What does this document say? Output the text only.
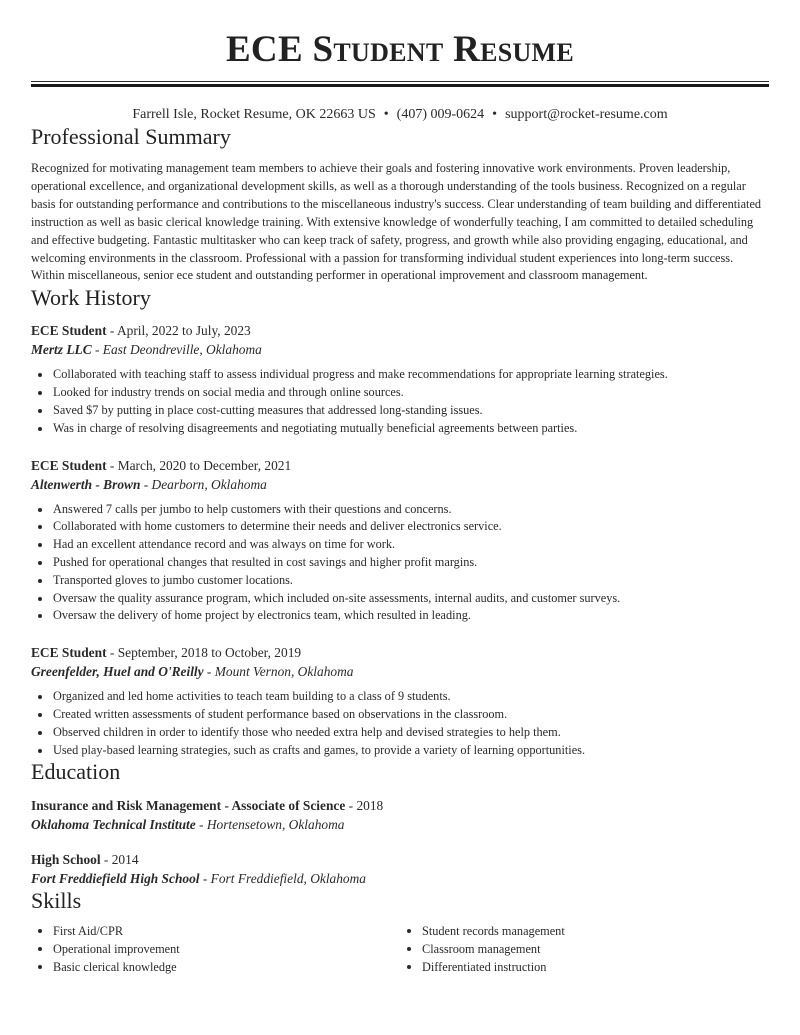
ECE Student Resume
Farrell Isle, Rocket Resume, OK 22663 US • (407) 009-0624 • support@rocket-resume.com
Professional Summary

Recognized for motivating management team members to achieve their goals and fostering innovative work environments. Proven leadership, operational excellence, and organizational development skills, as well as a thorough understanding of the tools business. Recognized on a regular basis for outstanding performance and contributions to the miscellaneous industry's success. Clear understanding of team building and differentiated instruction as well as basic clerical knowledge training. With extensive knowledge of wonderfully teaching, I am committed to detailed scheduling and effective budgeting. Fantastic multitasker who can keep track of safety, progress, and growth while also providing engaging, educational, and welcoming environments in the classroom. Professional with a passion for transforming individual student experiences into long-term success. Within miscellaneous, senior ece student and outstanding performer in operational improvement and classroom management.

Work History
ECE Student - April, 2022 to July, 2023
Mertz LLC - East Deondreville, Oklahoma
Collaborated with teaching staff to assess individual progress and make recommendations for appropriate learning strategies.
Looked for industry trends on social media and through online sources.
Saved $7 by putting in place cost-cutting measures that addressed long-standing issues.
Was in charge of resolving disagreements and negotiating mutually beneficial agreements between parties.
ECE Student - March, 2020 to December, 2021
Altenwerth - Brown - Dearborn, Oklahoma
Answered 7 calls per jumbo to help customers with their questions and concerns.
Collaborated with home customers to determine their needs and deliver electronics service.
Had an excellent attendance record and was always on time for work.
Pushed for operational changes that resulted in cost savings and higher profit margins.
Transported gloves to jumbo customer locations.
Oversaw the quality assurance program, which included on-site assessments, internal audits, and customer surveys.
Oversaw the delivery of home project by electronics team, which resulted in leading.
ECE Student - September, 2018 to October, 2019
Greenfelder, Huel and O'Reilly - Mount Vernon, Oklahoma
Organized and led home activities to teach team building to a class of 9 students.
Created written assessments of student performance based on observations in the classroom.
Observed children in order to identify those who needed extra help and devised strategies to help them.
Used play-based learning strategies, such as crafts and games, to provide a variety of learning opportunities.
Education
Insurance and Risk Management - Associate of Science - 2018
Oklahoma Technical Institute - Hortensetown, Oklahoma
High School - 2014
Fort Freddiefield High School - Fort Freddiefield, Oklahoma
Skills
First Aid/CPR
Operational improvement
Basic clerical knowledge
Student records management
Classroom management
Differentiated instruction
